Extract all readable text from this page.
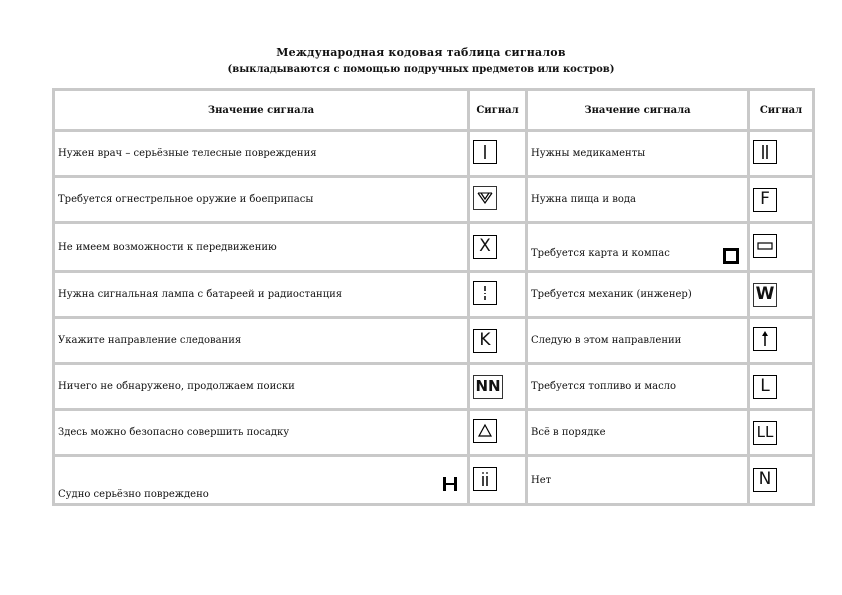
Международная кодовая таблица сигналов
(выкладываются с помощью подручных предметов или костров)
Значение сигнала	Сигнал	Значение сигнала	Сигнал
Нужен врач – серьёзные телесные повреждения		Нужны медикаменты	

Требуется огнестрельное оружие и боеприпасы		Нужна пища и вода	F
Не имеем возможности к передвижению	X	Требуется карта и компас	

Нужна сигнальная лампа с батареей и радиостанция		Требуется механик (инженер)	W
Укажите направление следования	K	Следую в этом направлении	

Ничего не обнаружено, продолжаем поиски	NN	Требуется топливо и масло	L
Здесь можно безопасно совершить посадку		Всё в порядке	LL

Судно серьёзно повреждено		Нет	N
